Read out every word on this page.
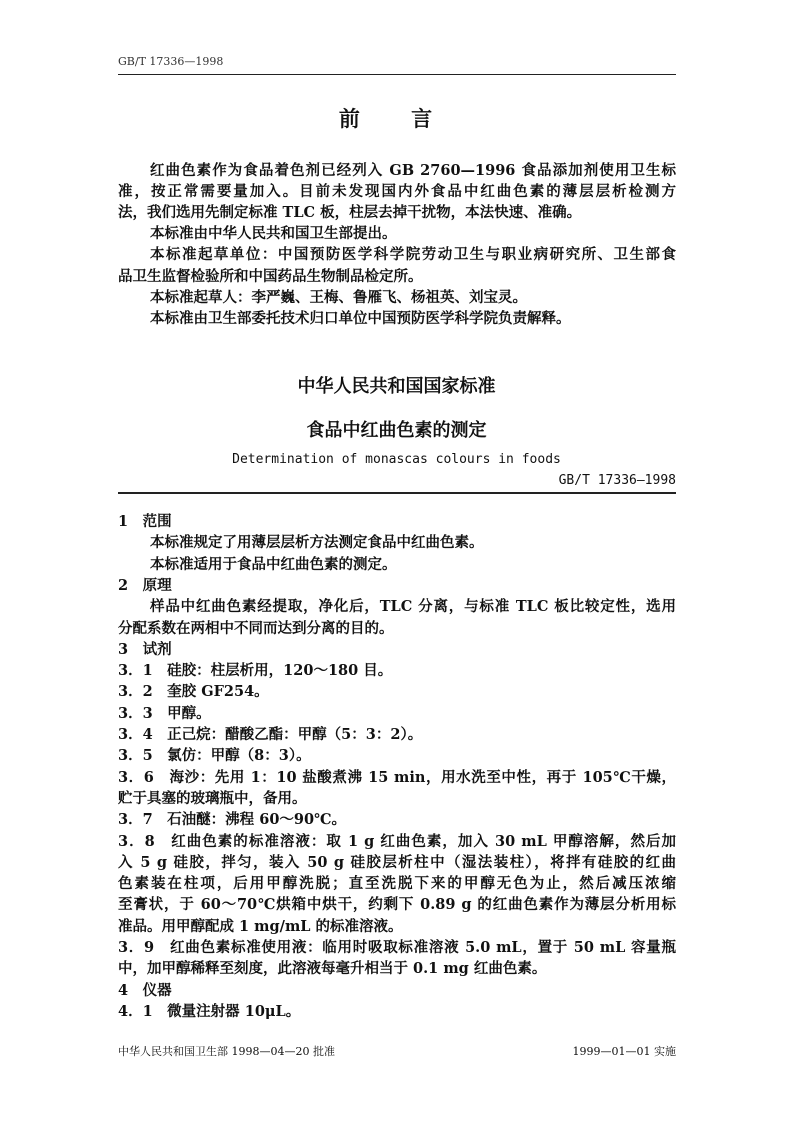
GB/T 17336—1998
前 言
红曲色素作为食品着色剂已经列入 GB 2760—1996 食品添加剂使用卫生标
准，按正常需要量加入。目前未发现国内外食品中红曲色素的薄层层析检测方
法，我们选用先制定标准 TLC 板，柱层去掉干扰物，本法快速、准确。
本标准由中华人民共和国卫生部提出。
本标准起草单位：中国预防医学科学院劳动卫生与职业病研究所、卫生部食
品卫生监督检验所和中国药品生物制品检定所。
本标准起草人：李严巍、王梅、鲁雁飞、杨祖英、刘宝灵。
本标准由卫生部委托技术归口单位中国预防医学科学院负责解释。
中华人民共和国国家标准
食品中红曲色素的测定
Determination of monascas colours in foods
GB/T 17336—1998
1　范围
本标准规定了用薄层层析方法测定食品中红曲色素。
本标准适用于食品中红曲色素的测定。
2　原理
样品中红曲色素经提取，净化后，TLC 分离，与标准 TLC 板比较定性，选用
分配系数在两相中不同而达到分离的目的。
3　试剂
3．1　硅胶：柱层析用，120～180 目。
3．2　奎胶 GF254。
3．3　甲醇。
3．4　正己烷：醋酸乙酯：甲醇（5：3：2）。
3．5　氯仿：甲醇（8：3）。
3．6　海沙：先用 1：10 盐酸煮沸 15 min，用水洗至中性，再于 105℃干燥，
贮于具塞的玻璃瓶中，备用。
3．7　石油醚：沸程 60～90℃。
3．8　红曲色素的标准溶液：取 1 g 红曲色素，加入 30 mL 甲醇溶解，然后加
入 5 g 硅胶，拌匀，装入 50 g 硅胶层析柱中（湿法装柱），将拌有硅胶的红曲
色素装在柱项，后用甲醇洗脱；直至洗脱下来的甲醇无色为止，然后减压浓缩
至膏状，于 60～70℃烘箱中烘干，约剩下 0.89 g 的红曲色素作为薄层分析用标
准品。用甲醇配成 1 mg/mL 的标准溶液。
3．9　红曲色素标准使用液：临用时吸取标准溶液 5.0 mL，置于 50 mL 容量瓶
中，加甲醇稀释至刻度，此溶液每毫升相当于 0.1 mg 红曲色素。
4　仪器
4．1　微量注射器 10μL。
中华人民共和国卫生部 1998—04—20 批准	1999—01—01 实施
